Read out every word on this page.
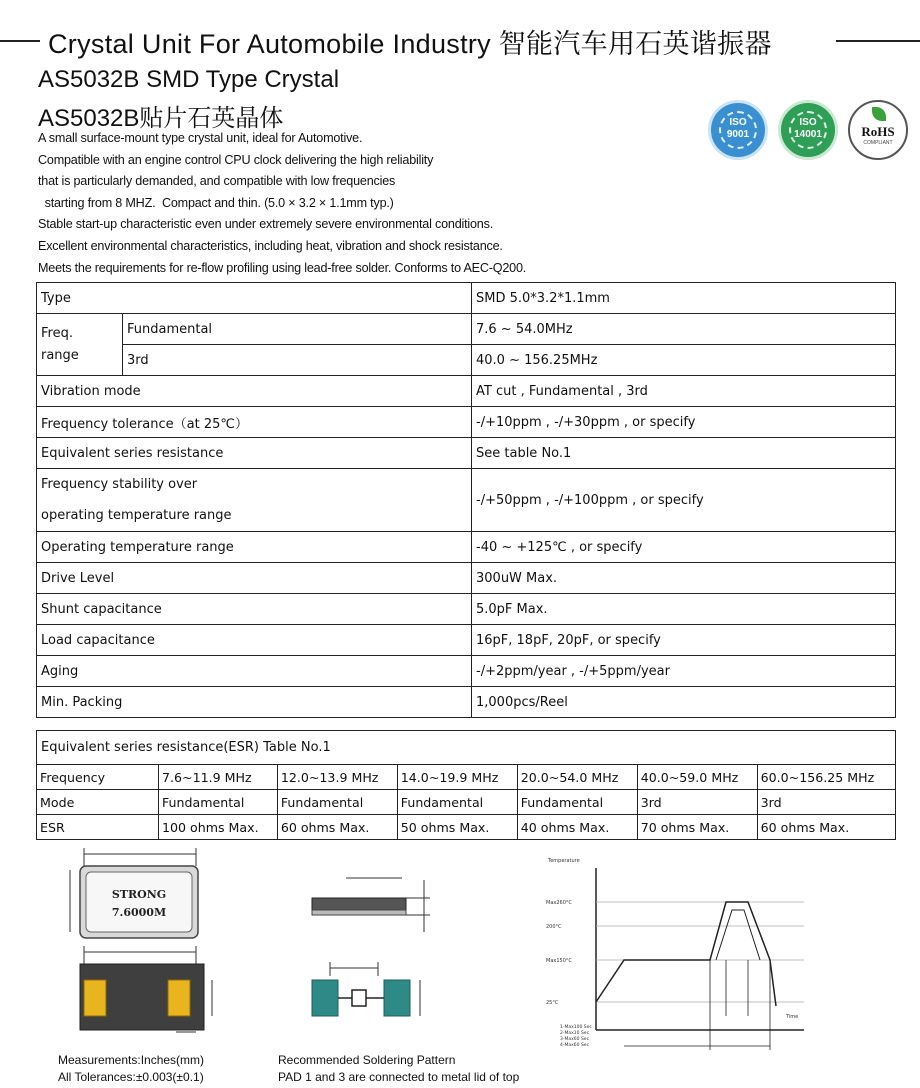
Crystal Unit For Automobile Industry 智能汽车用石英谐振器
AS5032B SMD Type Crystal
AS5032B贴片石英晶体	ISO
9001
ISO
14001	RoHS
COMPLIANT
A small surface-mount type crystal unit, ideal for Automotive.
Compatible with an engine control CPU clock delivering the high reliability
that is particularly demanded, and compatible with low frequencies
starting from 8 MHZ.  Compact and thin. (5.0 × 3.2 × 1.1mm typ.)
Stable start-up characteristic even under extremely severe environmental conditions.
Excellent environmental characteristics, including heat, vibration and shock resistance.
Meets the requirements for re-flow profiling using lead-free solder. Conforms to AEC-Q200.
Type		SMD 5.0*3.2*1.1mm
Freq.
range	Fundamental	7.6 ~ 54.0MHz
	3rd	40.0 ~ 156.25MHz
Vibration mode		AT cut , Fundamental , 3rd
Frequency tolerance（at 25℃）		-/+10ppm , -/+30ppm , or specify
Equivalent series resistance		See table No.1
Frequency stability over
operating temperature range		-/+50ppm , -/+100ppm , or specify
Operating temperature range		-40 ~ +125℃ , or specify
Drive Level		300uW Max.
Shunt capacitance		5.0pF Max.
Load capacitance		16pF, 18pF, 20pF, or specify
Aging		-/+2ppm/year , -/+5ppm/year
Min. Packing		1,000pcs/Reel
Equivalent series resistance(ESR) Table No.1
Frequency	7.6~11.9 MHz	12.0~13.9 MHz	14.0~19.9 MHz	20.0~54.0 MHz	40.0~59.0 MHz	60.0~156.25 MHz
Mode	Fundamental	Fundamental	Fundamental	Fundamental	3rd	3rd
ESR	100 ohms Max.	60 ohms Max.	50 ohms Max.	40 ohms Max.	70 ohms Max.	60 ohms Max.
STRONG
7.6000M
Temperature
Max260°C
200°C
Max150°C
25°C
Time
1-Max100 Sec
2-Max10 Sec
3-Max60 Sec
4-Max60 Sec
Measurements:Inches(mm)
All Tolerances:±0.003(±0.1)
Recommended Soldering Pattern
PAD 1 and 3 are connected to metal lid of top
